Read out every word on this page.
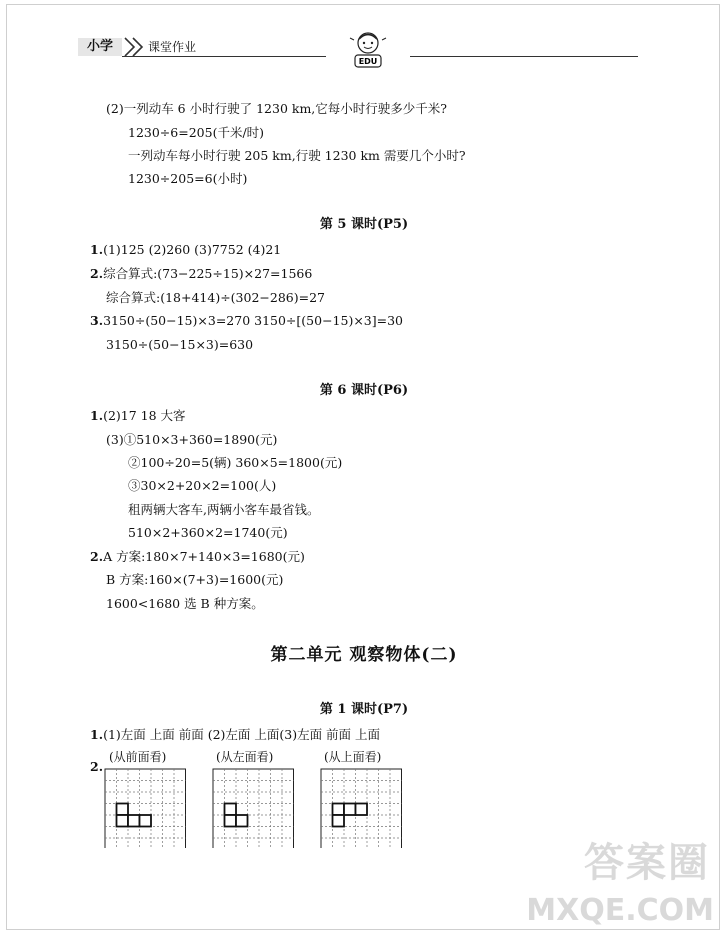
小学	课堂作业
EDU
(2)一列动车 6 小时行驶了 1230 km,它每小时行驶多少千米?
1230÷6=205(千米/时)
一列动车每小时行驶 205 km,行驶 1230 km 需要几个小时?
1230÷205=6(小时)
第 5 课时(P5)
1.(1)125 (2)260 (3)7752 (4)21
2.综合算式:(73−225÷15)×27=1566
综合算式:(18+414)÷(302−286)=27
3.3150÷(50−15)×3=270 3150÷[(50−15)×3]=30
3150÷(50−15×3)=630
第 6 课时(P6)
1.(2)17 18 大客
(3)①510×3+360=1890(元)
②100÷20=5(辆) 360×5=1800(元)
③30×2+20×2=100(人)
租两辆大客车,两辆小客车最省钱。
510×2+360×2=1740(元)
2.A 方案:180×7+140×3=1680(元)
B 方案:160×(7+3)=1600(元)
1600<1680 选 B 种方案。
第二单元 观察物体(二)
第 1 课时(P7)
1.(1)左面 上面 前面 (2)左面 上面(3)左面 前面 上面
2.
(从前面看)	(从左面看)	(从上面看)
答案圈
MXQE.COM
